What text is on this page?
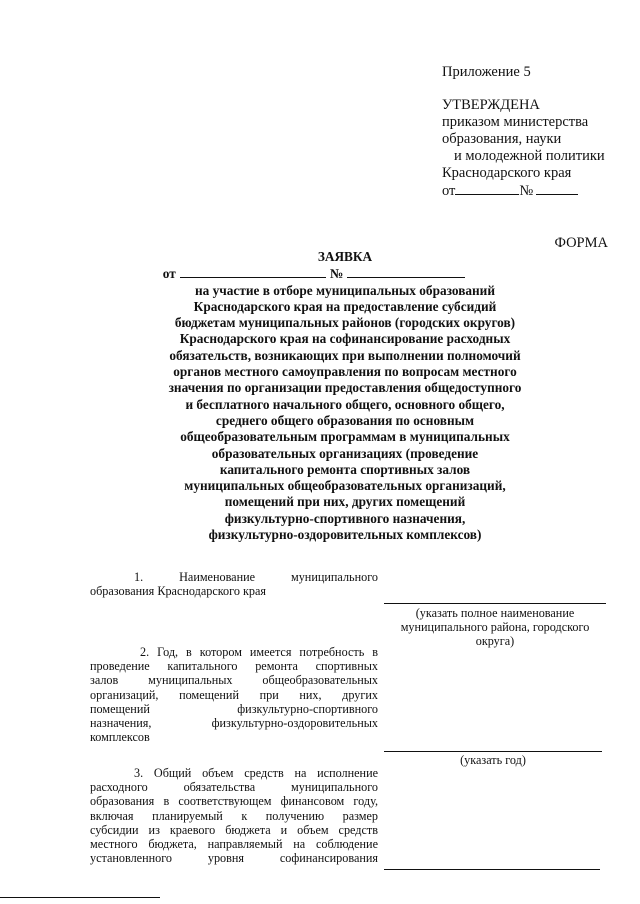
Приложение 5
УТВЕРЖДЕНА
приказом министерства
образования, науки
и молодежной политики
Краснодарского края
от	№
ФОРМА
ЗАЯВКА
от	№
на участие в отборе муниципальных образований
Краснодарского края на предоставление субсидий
бюджетам муниципальных районов (городских округов)
Краснодарского края на софинансирование расходных
обязательств, возникающих при выполнении полномочий
органов местного самоуправления по вопросам местного
значения по организации предоставления общедоступного
и бесплатного начального общего, основного общего,
среднего общего образования по основным
общеобразовательным программам в муниципальных
образовательных организациях (проведение
капитального ремонта спортивных залов
муниципальных общеобразовательных организаций,
помещений при них, других помещений
физкультурно-спортивного назначения,
физкультурно-оздоровительных комплексов)
1. Наименование муниципального
образования Краснодарского края
(указать полное наименование
муниципального района, городского
округа)
2. Год, в котором имеется потребность в
проведение капитального ремонта спортивных
залов муниципальных общеобразовательных
организаций, помещений при них, других
помещений физкультурно-спортивного
назначения, физкультурно-оздоровительных
комплексов
(указать год)
3. Общий объем средств на исполнение
расходного обязательства муниципального
образования в соответствующем финансовом году,
включая планируемый к получению размер
субсидии из краевого бюджета и объем средств
местного бюджета, направляемый на соблюдение
установленного уровня софинансирования
